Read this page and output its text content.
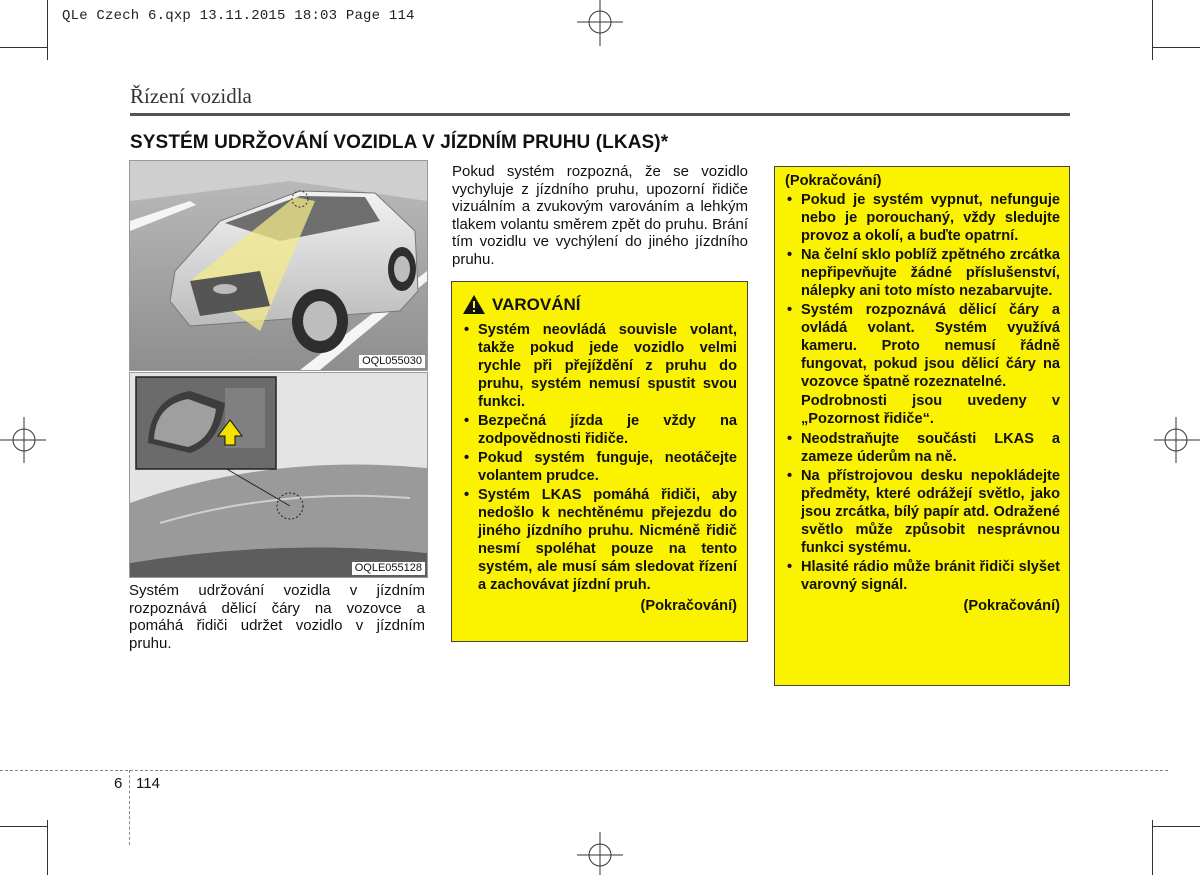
QLe Czech 6.qxp 13.11.2015 18:03 Page 114
Řízení vozidla
SYSTÉM UDRŽOVÁNÍ VOZIDLA V JÍZDNÍM PRUHU (LKAS)*
OQL055030
OQLE055128
Systém udržování vozidla v jízdním rozpoznává dělicí čáry na vozovce a pomáhá řidiči udržet vozidlo v jízdním pruhu.
Pokud systém rozpozná, že se vozidlo vychyluje z jízdního pruhu, upozorní řidiče vizuálním a zvukovým varováním a lehkým tlakem volantu směrem zpět do pruhu. Brání tím vozidlu ve vychýlení do jiného jízdního pruhu.
VAROVÁNÍ
• Systém neovládá souvisle volant, takže pokud jede vozidlo velmi rychle při přejíždění z pruhu do pruhu, systém nemusí spustit svou funkci.
• Bezpečná jízda je vždy na zodpovědnosti řidiče.
• Pokud systém funguje, neotáčejte volantem prudce.
• Systém LKAS pomáhá řidiči, aby nedošlo k nechtěnému přejezdu do jiného jízdního pruhu. Nicméně řidič nesmí spoléhat pouze na tento systém, ale musí sám sledovat řízení a zachovávat jízdní pruh.
(Pokračování)
(Pokračování)
• Pokud je systém vypnut, nefunguje nebo je porouchaný, vždy sledujte provoz a okolí, a buďte opatrní.
• Na čelní sklo poblíž zpětného zrcátka nepřipevňujte žádné příslušenství, nálepky ani toto místo nezabarvujte.
• Systém rozpoznává dělicí čáry a ovládá volant. Systém využívá kameru. Proto nemusí řádně fungovat, pokud jsou dělicí čáry na vozovce špatně rozeznatelné.
Podrobnosti jsou uvedeny v „Pozornost řidiče“.
• Neodstraňujte součásti LKAS a zameze úderům na ně.
• Na přístrojovou desku nepokládejte předměty, které odrážejí světlo, jako jsou zrcátka, bílý papír atd. Odražené světlo může způsobit nesprávnou funkci systému.
• Hlasité rádio může bránit řidiči slyšet varovný signál.
(Pokračování)
6 114
